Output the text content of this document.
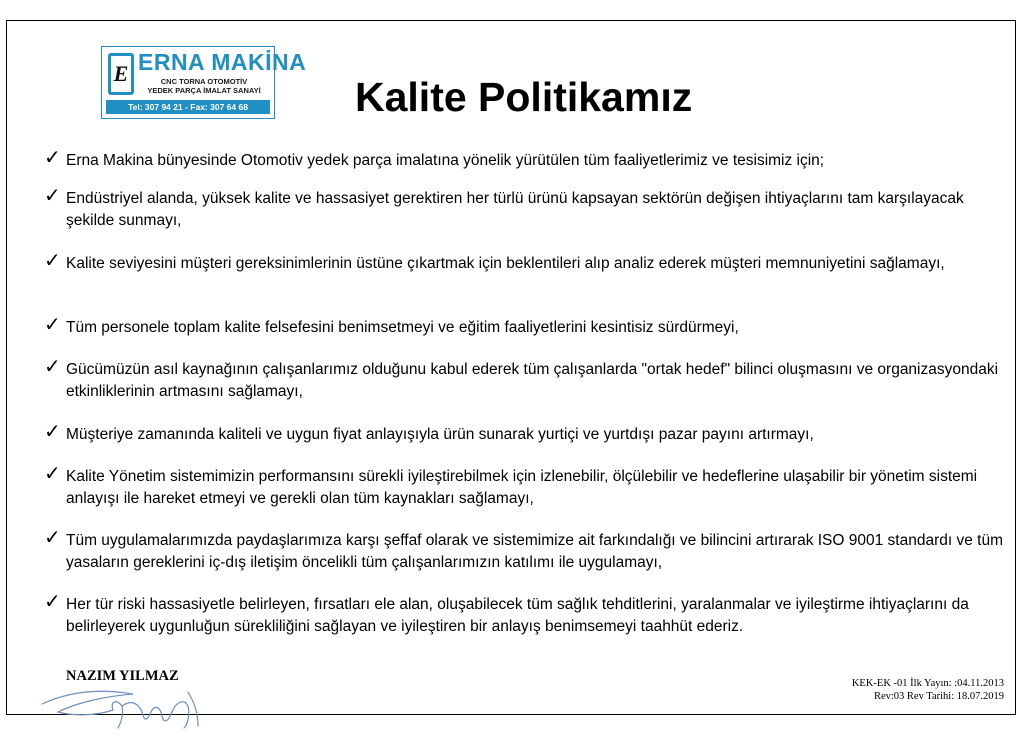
E ERNA MAKİNA
CNC TORNA OTOMOTİV
YEDEK PARÇA İMALAT SANAYİ
Tel: 307 94 21 - Fax: 307 64 68	Kalite Politikamız
✓ Erna Makina bünyesinde Otomotiv yedek parça imalatına yönelik yürütülen tüm faaliyetlerimiz ve tesisimiz için;
✓ Endüstriyel alanda, yüksek kalite ve hassasiyet gerektiren her türlü ürünü kapsayan sektörün değişen ihtiyaçlarını tam karşılayacak şekilde sunmayı,
✓ Kalite seviyesini müşteri gereksinimlerinin üstüne çıkartmak için beklentileri alıp analiz ederek müşteri memnuniyetini sağlamayı,
✓ Tüm personele toplam kalite felsefesini benimsetmeyi ve eğitim faaliyetlerini kesintisiz sürdürmeyi,
✓ Gücümüzün asıl kaynağının çalışanlarımız olduğunu kabul ederek tüm çalışanlarda "ortak hedef" bilinci oluşmasını ve organizasyondaki etkinliklerinin artmasını sağlamayı,
✓ Müşteriye zamanında kaliteli ve uygun fiyat anlayışıyla ürün sunarak yurtiçi ve yurtdışı pazar payını artırmayı,
✓ Kalite Yönetim sistemimizin performansını sürekli iyileştirebilmek için izlenebilir, ölçülebilir ve hedeflerine ulaşabilir bir yönetim sistemi anlayışı ile hareket etmeyi ve gerekli olan tüm kaynakları sağlamayı,
✓ Tüm uygulamalarımızda paydaşlarımıza karşı şeffaf olarak ve sistemimize ait farkındalığı ve bilincini artırarak ISO 9001 standardı ve tüm yasaların gereklerini iç-dış iletişim öncelikli tüm çalışanlarımızın katılımı ile uygulamayı,
✓ Her tür riski hassasiyetle belirleyen, fırsatları ele alan, oluşabilecek tüm sağlık tehditlerini, yaralanmalar ve iyileştirme ihtiyaçlarını da belirleyerek uygunluğun sürekliliğini sağlayan ve iyileştiren bir anlayış benimsemeyi taahhüt ederiz.
NAZIM YILMAZ	KEK-EK -01 İlk Yayın: :04.11.2013
Rev:03 Rev Tarihi: 18.07.2019
